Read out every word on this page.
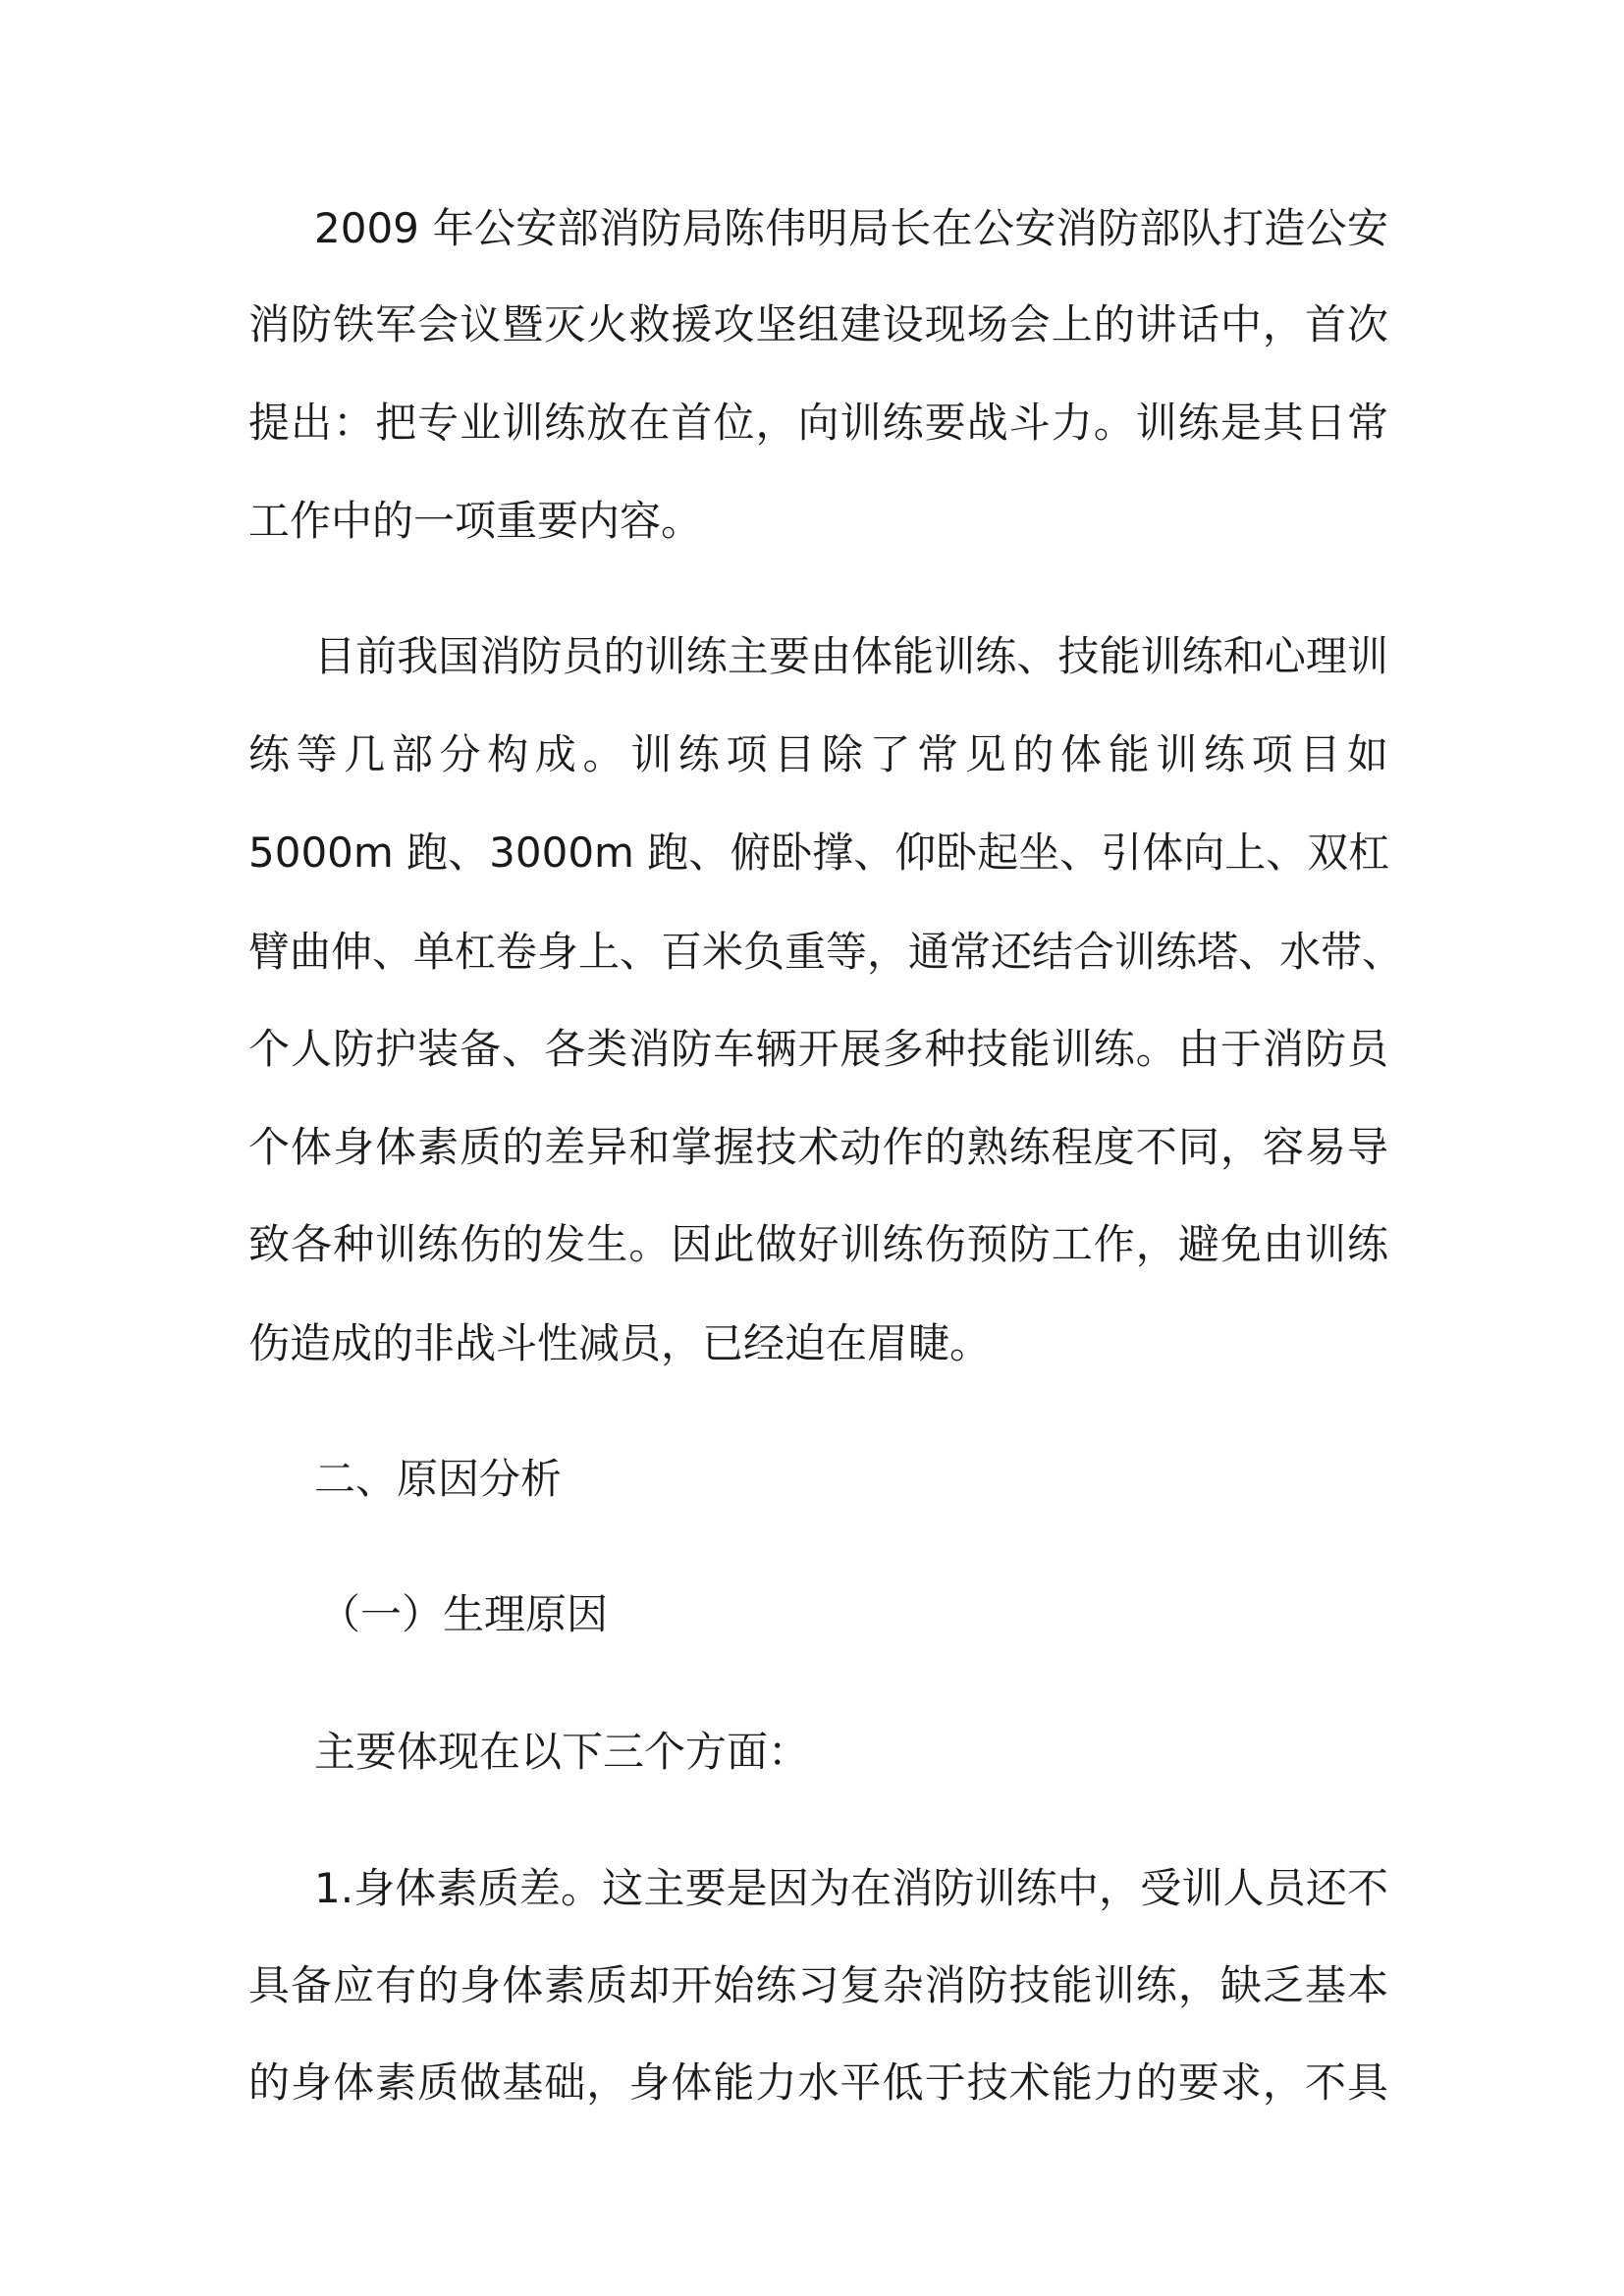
2009 年公安部消防局陈伟明局长在公安消防部队打造公安
消防铁军会议暨灭火救援攻坚组建设现场会上的讲话中，首次
提出：把专业训练放在首位，向训练要战斗力。训练是其日常
工作中的一项重要内容。
目前我国消防员的训练主要由体能训练、技能训练和心理训
练等几部分构成。训练项目除了常见的体能训练项目如
5000m 跑、3000m 跑、俯卧撑、仰卧起坐、引体向上、双杠
臂曲伸、单杠卷身上、百米负重等，通常还结合训练塔、水带、
个人防护装备、各类消防车辆开展多种技能训练。由于消防员
个体身体素质的差异和掌握技术动作的熟练程度不同，容易导
致各种训练伤的发生。因此做好训练伤预防工作，避免由训练
伤造成的非战斗性减员，已经迫在眉睫。
二、原因分析
（一）生理原因
主要体现在以下三个方面：
1.身体素质差。这主要是因为在消防训练中，受训人员还不
具备应有的身体素质却开始练习复杂消防技能训练，缺乏基本
的身体素质做基础，身体能力水平低于技术能力的要求，不具
